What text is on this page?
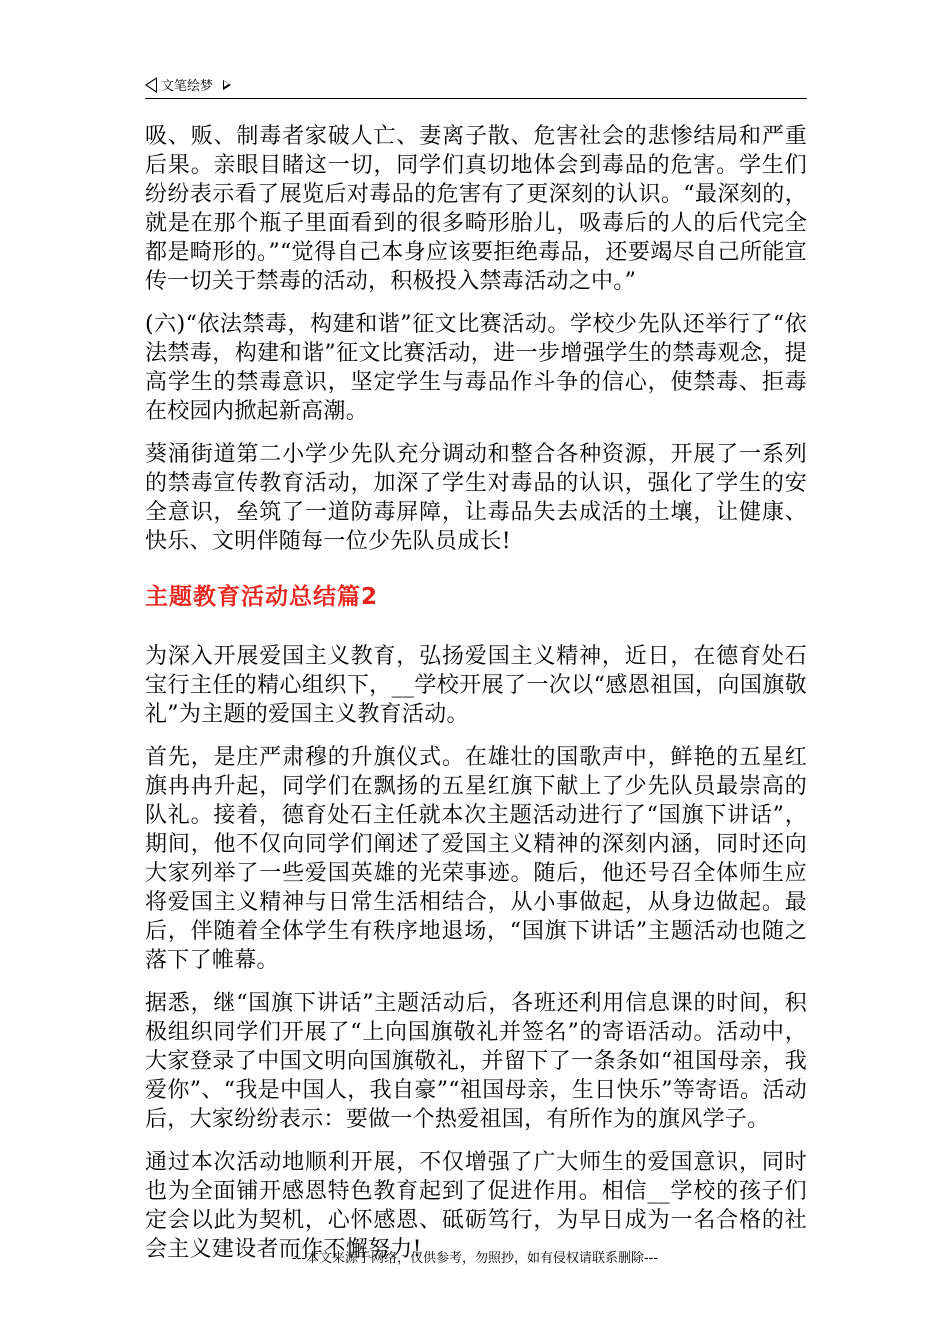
文笔绘梦

吸、贩、制毒者家破人亡、妻离子散、危害社会的悲惨结局和严重后果。亲眼目睹这一切，同学们真切地体会到毒品的危害。学生们纷纷表示看了展览后对毒品的危害有了更深刻的认识。“最深刻的，就是在那个瓶子里面看到的很多畸形胎儿，吸毒后的人的后代完全都是畸形的。”“觉得自己本身应该要拒绝毒品，还要竭尽自己所能宣传一切关于禁毒的活动，积极投入禁毒活动之中。”

(六)“依法禁毒，构建和谐”征文比赛活动。学校少先队还举行了“依法禁毒，构建和谐”征文比赛活动，进一步增强学生的禁毒观念，提高学生的禁毒意识，坚定学生与毒品作斗争的信心，使禁毒、拒毒在校园内掀起新高潮。

葵涌街道第二小学少先队充分调动和整合各种资源，开展了一系列的禁毒宣传教育活动，加深了学生对毒品的认识，强化了学生的安全意识，垒筑了一道防毒屏障，让毒品失去成活的土壤，让健康、快乐、文明伴随每一位少先队员成长!

主题教育活动总结篇2

为深入开展爱国主义教育，弘扬爱国主义精神，近日，在德育处石宝行主任的精心组织下，__学校开展了一次以“感恩祖国，向国旗敬礼”为主题的爱国主义教育活动。

首先，是庄严肃穆的升旗仪式。在雄壮的国歌声中，鲜艳的五星红旗冉冉升起，同学们在飘扬的五星红旗下献上了少先队员最崇高的队礼。接着，德育处石主任就本次主题活动进行了“国旗下讲话”，期间，他不仅向同学们阐述了爱国主义精神的深刻内涵，同时还向大家列举了一些爱国英雄的光荣事迹。随后，他还号召全体师生应将爱国主义精神与日常生活相结合，从小事做起，从身边做起。最后，伴随着全体学生有秩序地退场，“国旗下讲话”主题活动也随之落下了帷幕。

据悉，继“国旗下讲话”主题活动后，各班还利用信息课的时间，积极组织同学们开展了“上向国旗敬礼并签名”的寄语活动。活动中，大家登录了中国文明向国旗敬礼，并留下了一条条如“祖国母亲，我爱你”、“我是中国人，我自豪”“祖国母亲，生日快乐”等寄语。活动后，大家纷纷表示：要做一个热爱祖国，有所作为的旗风学子。

通过本次活动地顺利开展，不仅增强了广大师生的爱国意识，同时也为全面铺开感恩特色教育起到了促进作用。相信__学校的孩子们定会以此为契机，心怀感恩、砥砺笃行，为早日成为一名合格的社会主义建设者而作不懈努力!

---本文来源于网络，仅供参考，勿照抄，如有侵权请联系删除---
